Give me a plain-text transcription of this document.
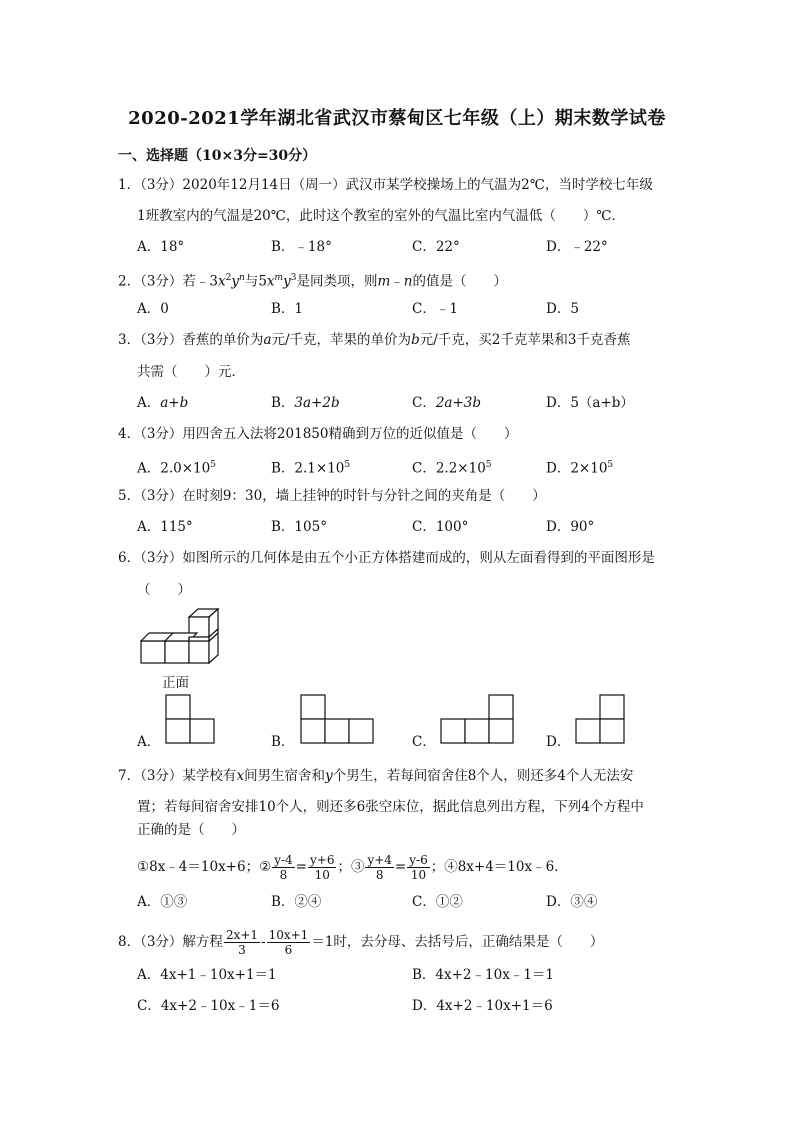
2020-2021学年湖北省武汉市蔡甸区七年级（上）期末数学试卷
一、选择题（10×3分=30分）
1．（3分）2020年12月14日（周一）武汉市某学校操场上的气温为2℃，当时学校七年级
1班教室内的气温是20℃，此时这个教室的室外的气温比室内气温低（　　）℃．
A．18°	B．﹣18°	C．22°	D．﹣22°
2．（3分）若$﹣3x^2y^n$与$5x^my^3$是同类项，则m﹣n的值是（　　）
A．0	B．1	C．﹣1	D．5
3．（3分）香蕉的单价为a元/千克，苹果的单价为b元/千克，买2千克苹果和3千克香蕉
共需（　　）元．
A．a+b	B．3a+2b	C．2a+3b	D．5（a+b）
4．（3分）用四舍五入法将201850精确到万位的近似值是（　　）
A．$2.0\times 10^5$	B．$2.1\times 10^5$	C．$2.2\times 10^5$	D．$2\times 10^5$
5．（3分）在时刻9：30，墙上挂钟的时针与分针之间的夹角是（　　）
A．115°	B．105°	C．100°	D．90°
6．（3分）如图所示的几何体是由五个小正方体搭建而成的，则从左面看得到的平面图形是
（　　）
正面
A．	B．	C．	D．
7．（3分）某学校有x间男生宿舍和y个男生，若每间宿舍住8个人，则还多4个人无法安
置；若每间宿舍安排10个人，则还多6张空床位，据此信息列出方程，下列4个方程中
正确的是（　　）
①8x﹣4＝10x+6；② $\frac{y-4}{8} = \frac{y+6}{10}$ ；③ $\frac{y+4}{8} = \frac{y-6}{10}$ ；④8x+4＝10x﹣6．
A．①③	B．②④	C．①②	D．③④
8．（3分）解方程 $\frac{2x+1}{3} - \frac{10x+1}{6} =1$时，去分母、去括号后，正确结果是（　　）
A．4x+1﹣10x+1＝1	B．4x+2﹣10x﹣1＝1
C．4x+2﹣10x﹣1＝6	D．4x+2﹣10x+1＝6
